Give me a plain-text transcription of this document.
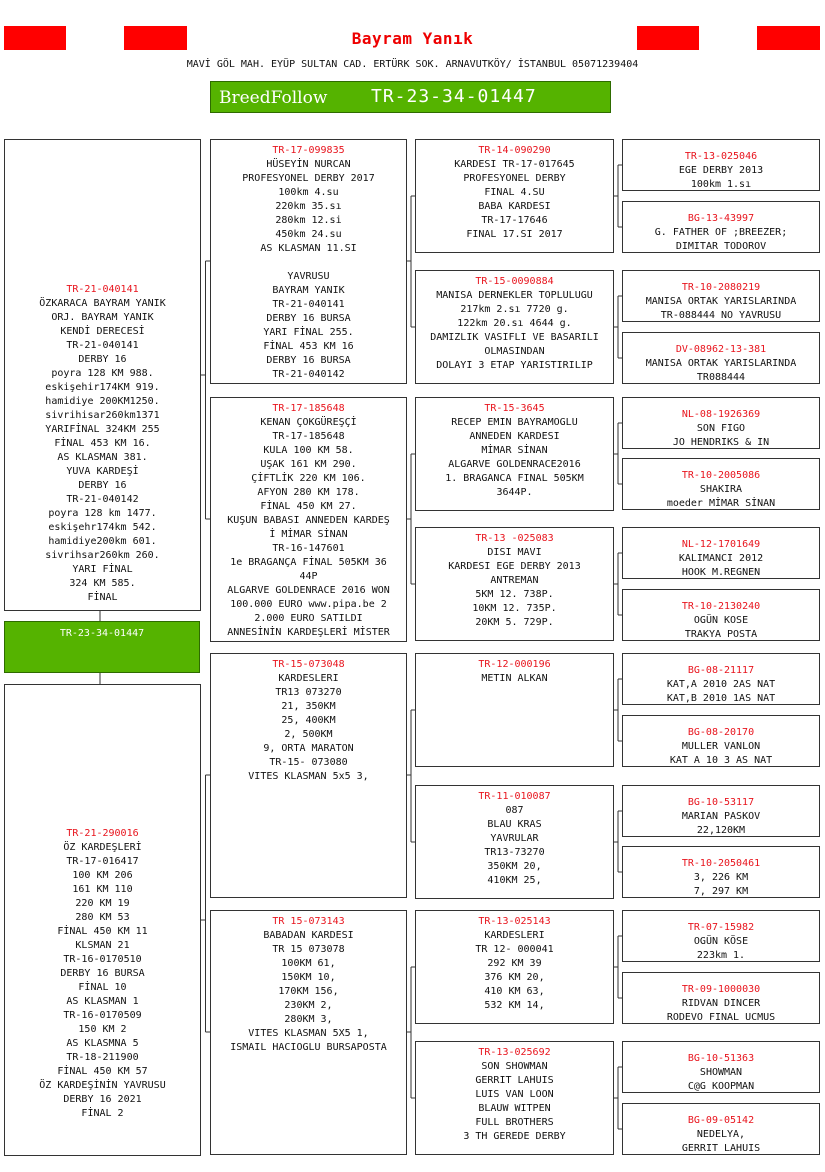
Bayram Yanık
MAVİ GÖL MAH. EYÜP SULTAN CAD. ERTÜRK SOK. ARNAVUTKÖY/ İSTANBUL 05071239404
BreedFollow TR-23-34-01447
TR-23-34-01447
TR-21-040141
ÖZKARACA BAYRAM YANIK
ORJ. BAYRAM YANIK
KENDİ DERECESİ
TR-21-040141
DERBY 16
poyra 128 KM 988.
eskişehir174KM 919.
hamidiye 200KM1250.
sivrihisar260km1371
YARIFİNAL 324KM 255
FİNAL 453 KM 16.
AS KLASMAN 381.
YUVA KARDEŞİ
DERBY 16
TR-21-040142
poyra 128 km 1477.
eskişehr174km 542.
hamidiye200km 601.
sivrihsar260km 260.
YARI FİNAL
324 KM 585.
FİNAL
TR-21-290016
ÖZ KARDEŞLERİ
TR-17-016417
100 KM 206
161 KM 110
220 KM 19
280 KM 53
FİNAL 450 KM 11
KLSMAN 21
TR-16-0170510
DERBY 16 BURSA
FİNAL 10
AS KLASMAN 1
TR-16-0170509
150 KM 2
AS KLASMNA 5
TR-18-211900
FİNAL 450 KM 57
ÖZ KARDEŞİNİN YAVRUSU
DERBY 16 2021
FİNAL 2
TR-17-099835
HÜSEYİN NURCAN
PROFESYONEL DERBY 2017
100km 4.su
220km 35.sı
280km 12.si
450km 24.su
AS KLASMAN 11.SI

YAVRUSU
BAYRAM YANIK
TR-21-040141
DERBY 16 BURSA
YARI FİNAL 255.
FİNAL 453 KM 16
DERBY 16 BURSA
TR-21-040142
TR-17-185648
KENAN ÇOKGÜREŞÇİ
TR-17-185648
KULA 100 KM 58.
UŞAK 161 KM 290.
ÇİFTLİK 220 KM 106.
AFYON 280 KM 178.
FİNAL 450 KM 27.
KUŞUN BABASI ANNEDEN KARDEŞ
İ MİMAR SİNAN
TR-16-147601
1e BRAGANÇA FİNAL 505KM 36
44P
ALGARVE GOLDENRACE 2016 WON
100.000 EURO www.pipa.be 2
2.000 EURO SATILDI
ANNESİNİN KARDEŞLERİ MİSTER
TR-15-073048
KARDESLERI
TR13 073270
21, 350KM
25, 400KM
2, 500KM
9, ORTA MARATON
TR-15- 073080
VITES KLASMAN 5x5 3,
TR 15-073143
BABADAN KARDESI
TR 15 073078
100KM 61,
150KM 10,
170KM 156,
230KM 2,
280KM 3,
VITES KLASMAN 5X5 1,
ISMAIL HACIOGLU BURSAPOSTA
TR-14-090290
KARDESI TR-17-017645
PROFESYONEL DERBY
FINAL 4.SU
BABA KARDESI
TR-17-17646
FINAL 17.SI 2017
TR-15-0090884
MANISA DERNEKLER TOPLULUGU
217km 2.sı 7720 g.
122km 20.sı 4644 g.
DAMIZLIK VASIFLI VE BASARILI
OLMASINDAN
DOLAYI 3 ETAP YARISTIRILIP
TR-15-3645
RECEP EMIN BAYRAMOGLU
ANNEDEN KARDESI
MİMAR SİNAN
ALGARVE GOLDENRACE2016
1. BRAGANCA FINAL 505KM
3644P.
TR-13 -025083
DISI MAVI
KARDESI EGE DERBY 2013
ANTREMAN
5KM 12. 738P.
10KM 12. 735P.
20KM 5. 729P.
TR-12-000196
METIN ALKAN
TR-11-010087
087
BLAU KRAS
YAVRULAR
TR13-73270
350KM 20,
410KM 25,
TR-13-025143
KARDESLERI
TR 12- 000041
292 KM 39
376 KM 20,
410 KM 63,
532 KM 14,
TR-13-025692
SON SHOWMAN
GERRIT LAHUIS
LUIS VAN LOON
BLAUW WITPEN
FULL BROTHERS
3 TH GEREDE DERBY
TR-13-025046
EGE DERBY 2013
100km 1.sı
BG-13-43997
G. FATHER OF ;BREEZER;
DIMITAR TODOROV
TR-10-2080219
MANISA ORTAK YARISLARINDA
TR-088444 NO YAVRUSU
DV-08962-13-381
MANISA ORTAK YARISLARINDA
TR088444
NL-08-1926369
SON FIGO
JO HENDRIKS & IN
TR-10-2005086
SHAKIRA
moeder MİMAR SİNAN
NL-12-1701649
KALIMANCI 2012
HOOK M.REGNEN
TR-10-2130240
OGÜN KOSE
TRAKYA POSTA
BG-08-21117
KAT,A 2010 2AS NAT
KAT,B 2010 1AS NAT
BG-08-20170
MULLER VANLON
KAT A 10 3 AS NAT
BG-10-53117
MARIAN PASKOV
22,120KM
TR-10-2050461
3, 226 KM
7, 297 KM
TR-07-15982
OGÜN KÖSE
223km 1.
TR-09-1000030
RIDVAN DINCER
RODEVO FINAL UCMUS
BG-10-51363
SHOWMAN
C@G KOOPMAN
BG-09-05142
NEDELYA,
GERRIT LAHUIS
